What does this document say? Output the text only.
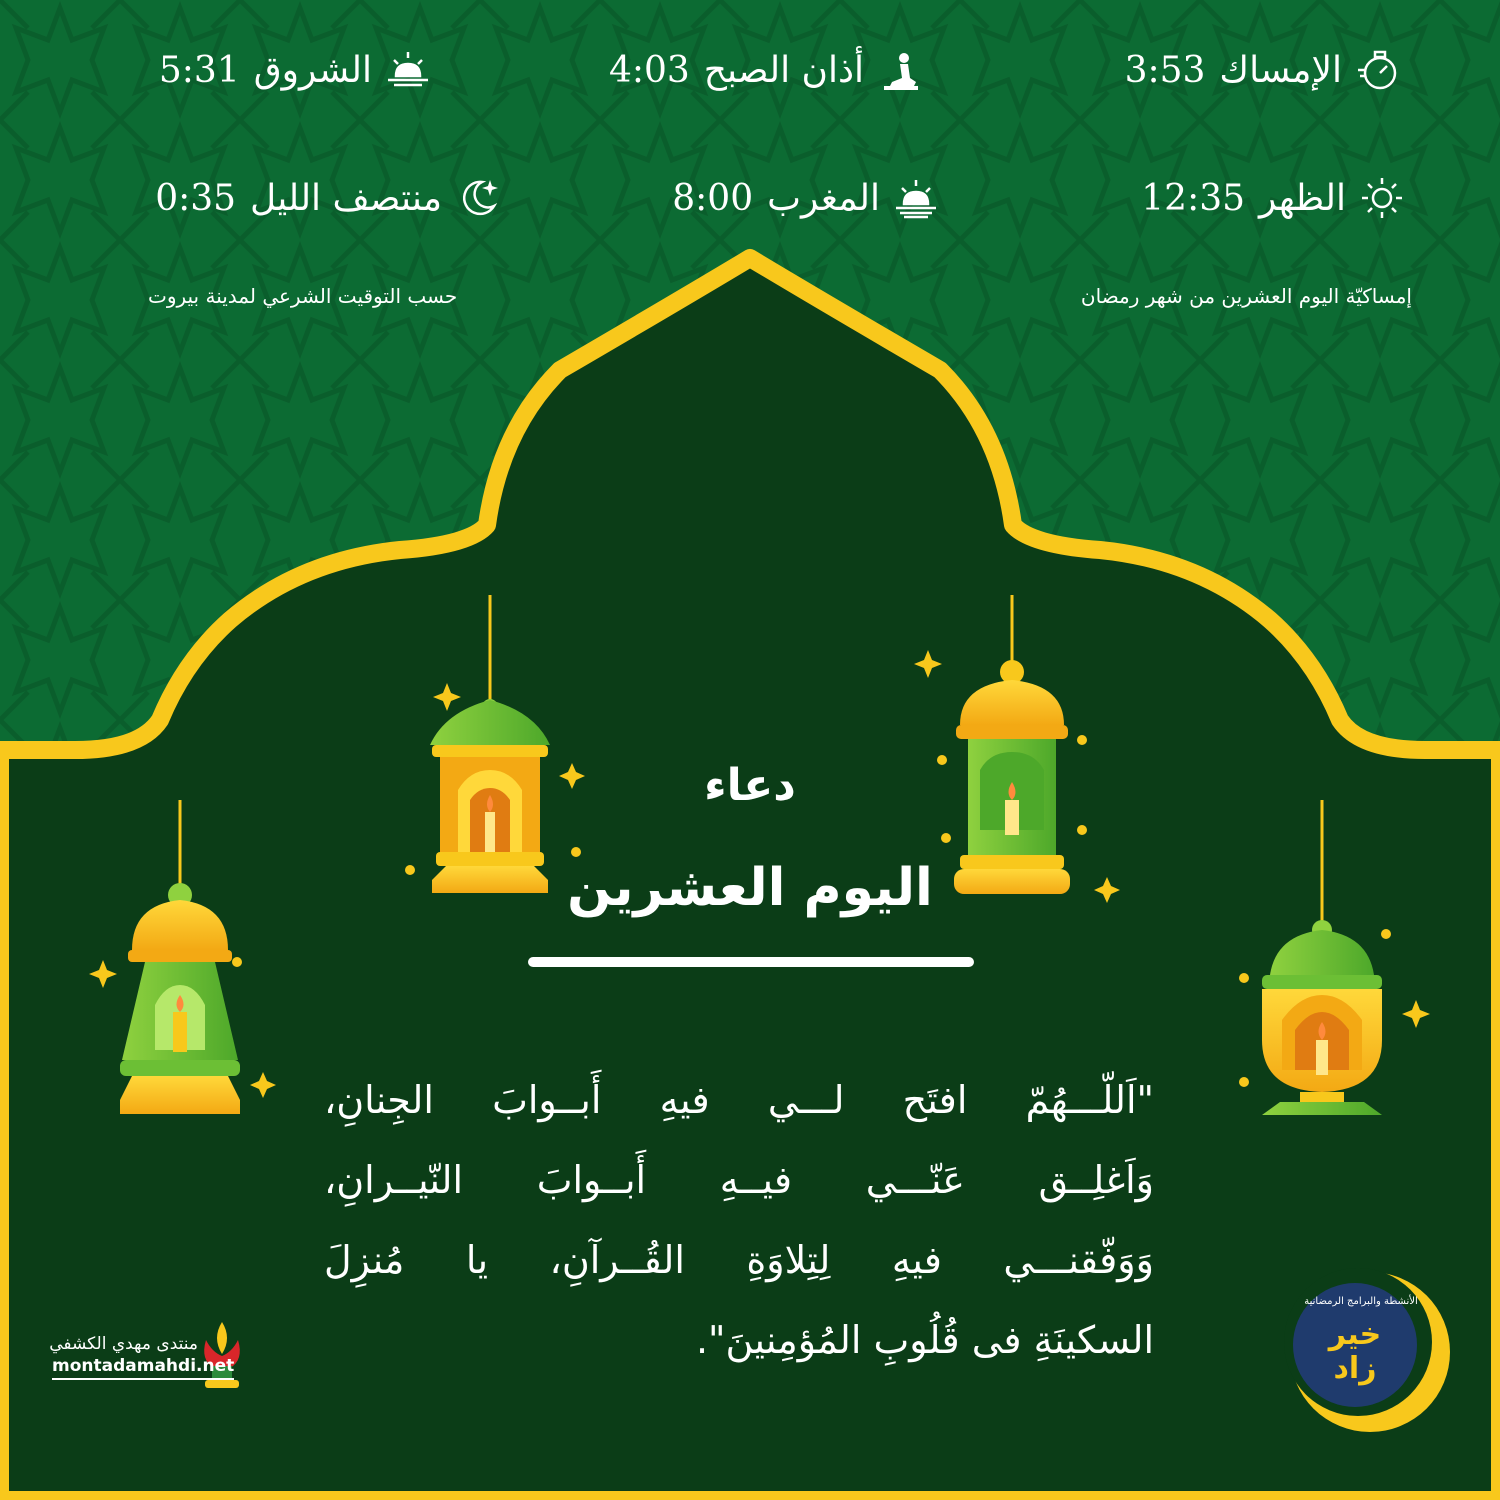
الإمساك
3:53
أذان الصبح
4:03
الشروق
5:31
الظهر
12:35
المغرب
8:00
منتصف الليل
0:35
إمساكيّة اليوم العشرين من شهر رمضان
حسب التوقيت الشرعي لمدينة بيروت
دعاء
اليوم العشرين
"اَللّـــهُمّ افتَح لـــي فيهِ أَبــوابَ الجِنانِ،
وَاَغلِــق عَنّـــي فيــهِ أَبــوابَ النّيــرانِ،
وَوَفّقنـــي فيهِ لِتِلاوَةِ القُــرآنِ، يا مُنزِلَ
السكينَةِ فى قُلُوبِ المُؤمِنينَ".
منتدى مهدي الكشفي
montadamahdi.net
خير زاد
الأنشطة والبرامج الرمضانية
